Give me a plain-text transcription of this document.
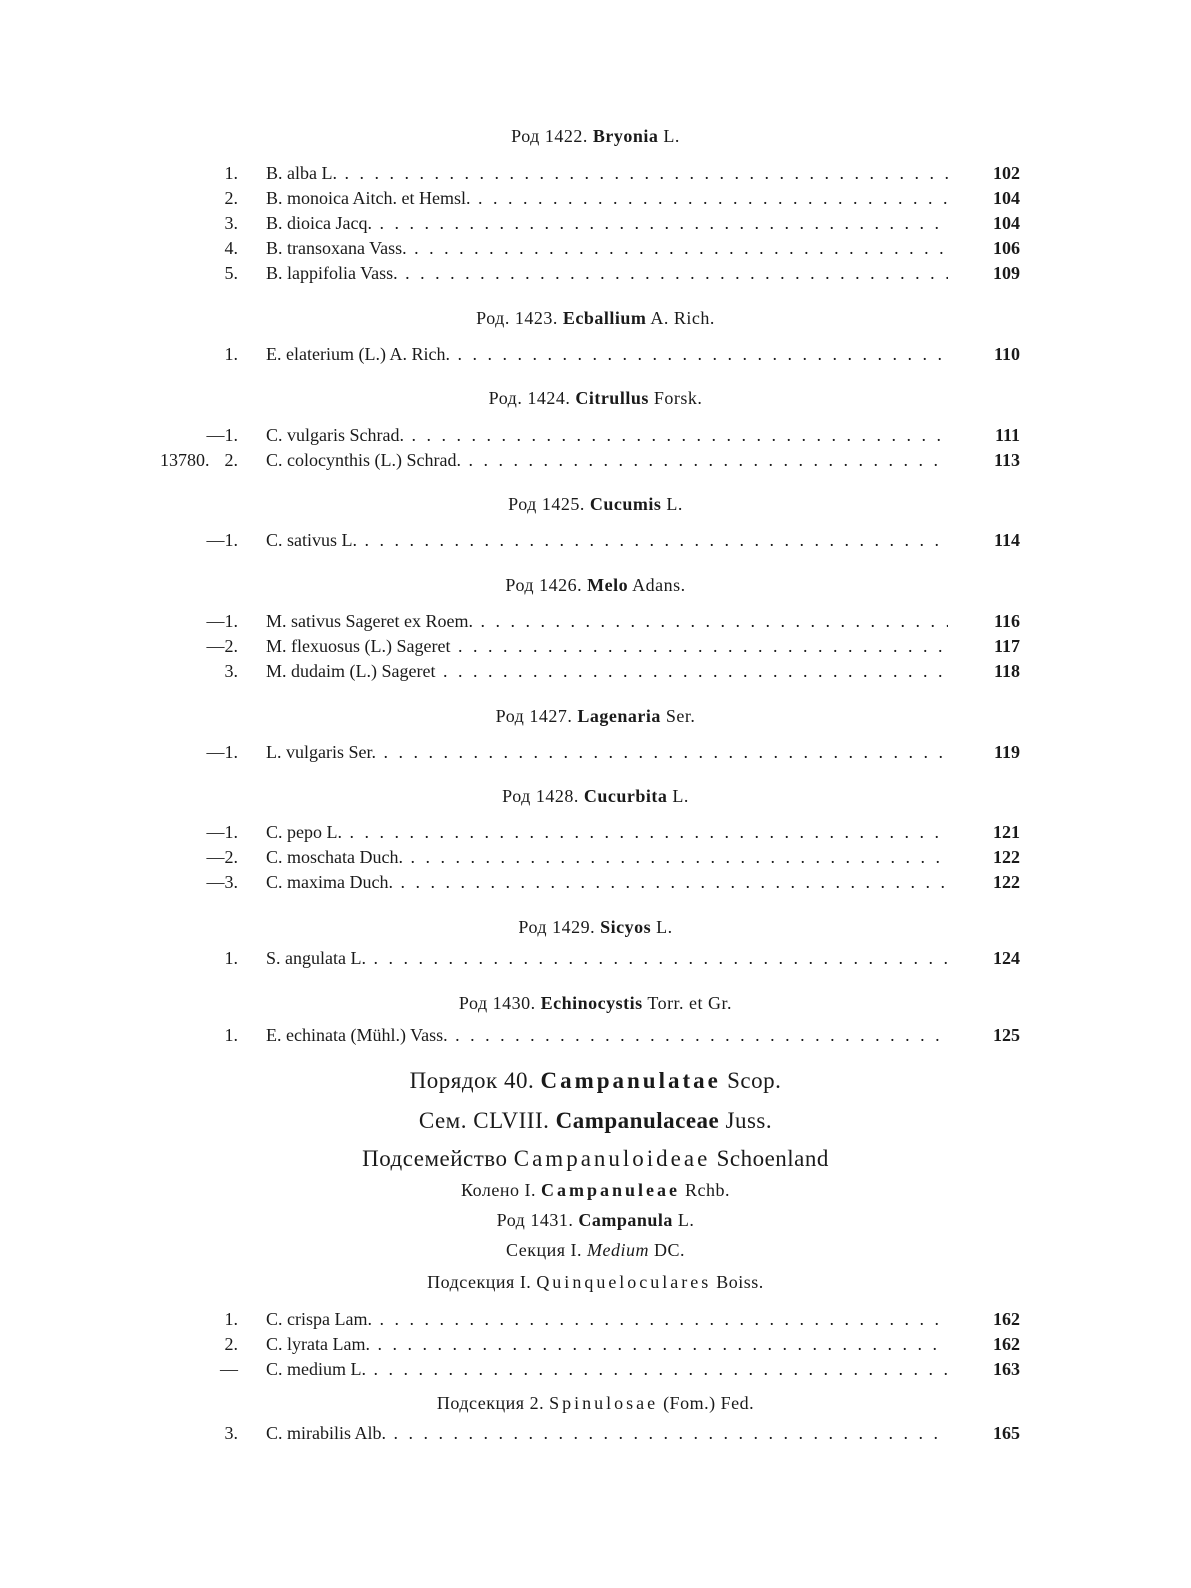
Род 1422. Bryonia L.
1. B. alba L. . . .	102
2. B. monoica Aitch. et Hemsl. . . .	104
3. B. dioica Jacq. . . .	104
4. B. transoxana Vass. . . .	106
5. B. lappifolia Vass. . . .	109
Род. 1423. Ecballium A. Rich.
1. E. elaterium (L.) A. Rich. . . .	110
Род. 1424. Citrullus Forsk.
—1. C. vulgaris Schrad. . . .	111
13780. 2. C. colocynthis (L.) Schrad. . . .	113
Род 1425. Cucumis L.
—1. C. sativus L. . . .	114
Род 1426. Melo Adans.
—1. M. sativus Sageret ex Roem. . . .	116
—2. M. flexuosus (L.) Sageret . . .	117
3. M. dudaim (L.) Sageret . . .	118
Род 1427. Lagenaria Ser.
—1. L. vulgaris Ser. . . .	119
Род 1428. Cucurbita L.
—1. C. pepo L. . . .	121
—2. C. moschata Duch. . . .	122
—3. C. maxima Duch. . . .	122
Род 1429. Sicyos L.
1. S. angulata L. . . .	124
Род 1430. Echinocystis Torr. et Gr.
1. E. echinata (Mühl.) Vass. . . .	125
Порядок 40. Campanulatae Scop.
Сем. CLVIII. Campanulaceae Juss.
Подсемейство Campanuloideae Schoenland
Колено I. Campanuleae Rchb.
Род 1431. Campanula L.
Секция I. Medium DC.
Подсекция I. Quinqueloculares Boiss.
1. C. crispa Lam. . . .	162
2. C. lyrata Lam. . . .	162
— C. medium L. . . .	163
Подсекция 2. Spinulosae (Fom.) Fed.
3. C. mirabilis Alb. . . .	165
